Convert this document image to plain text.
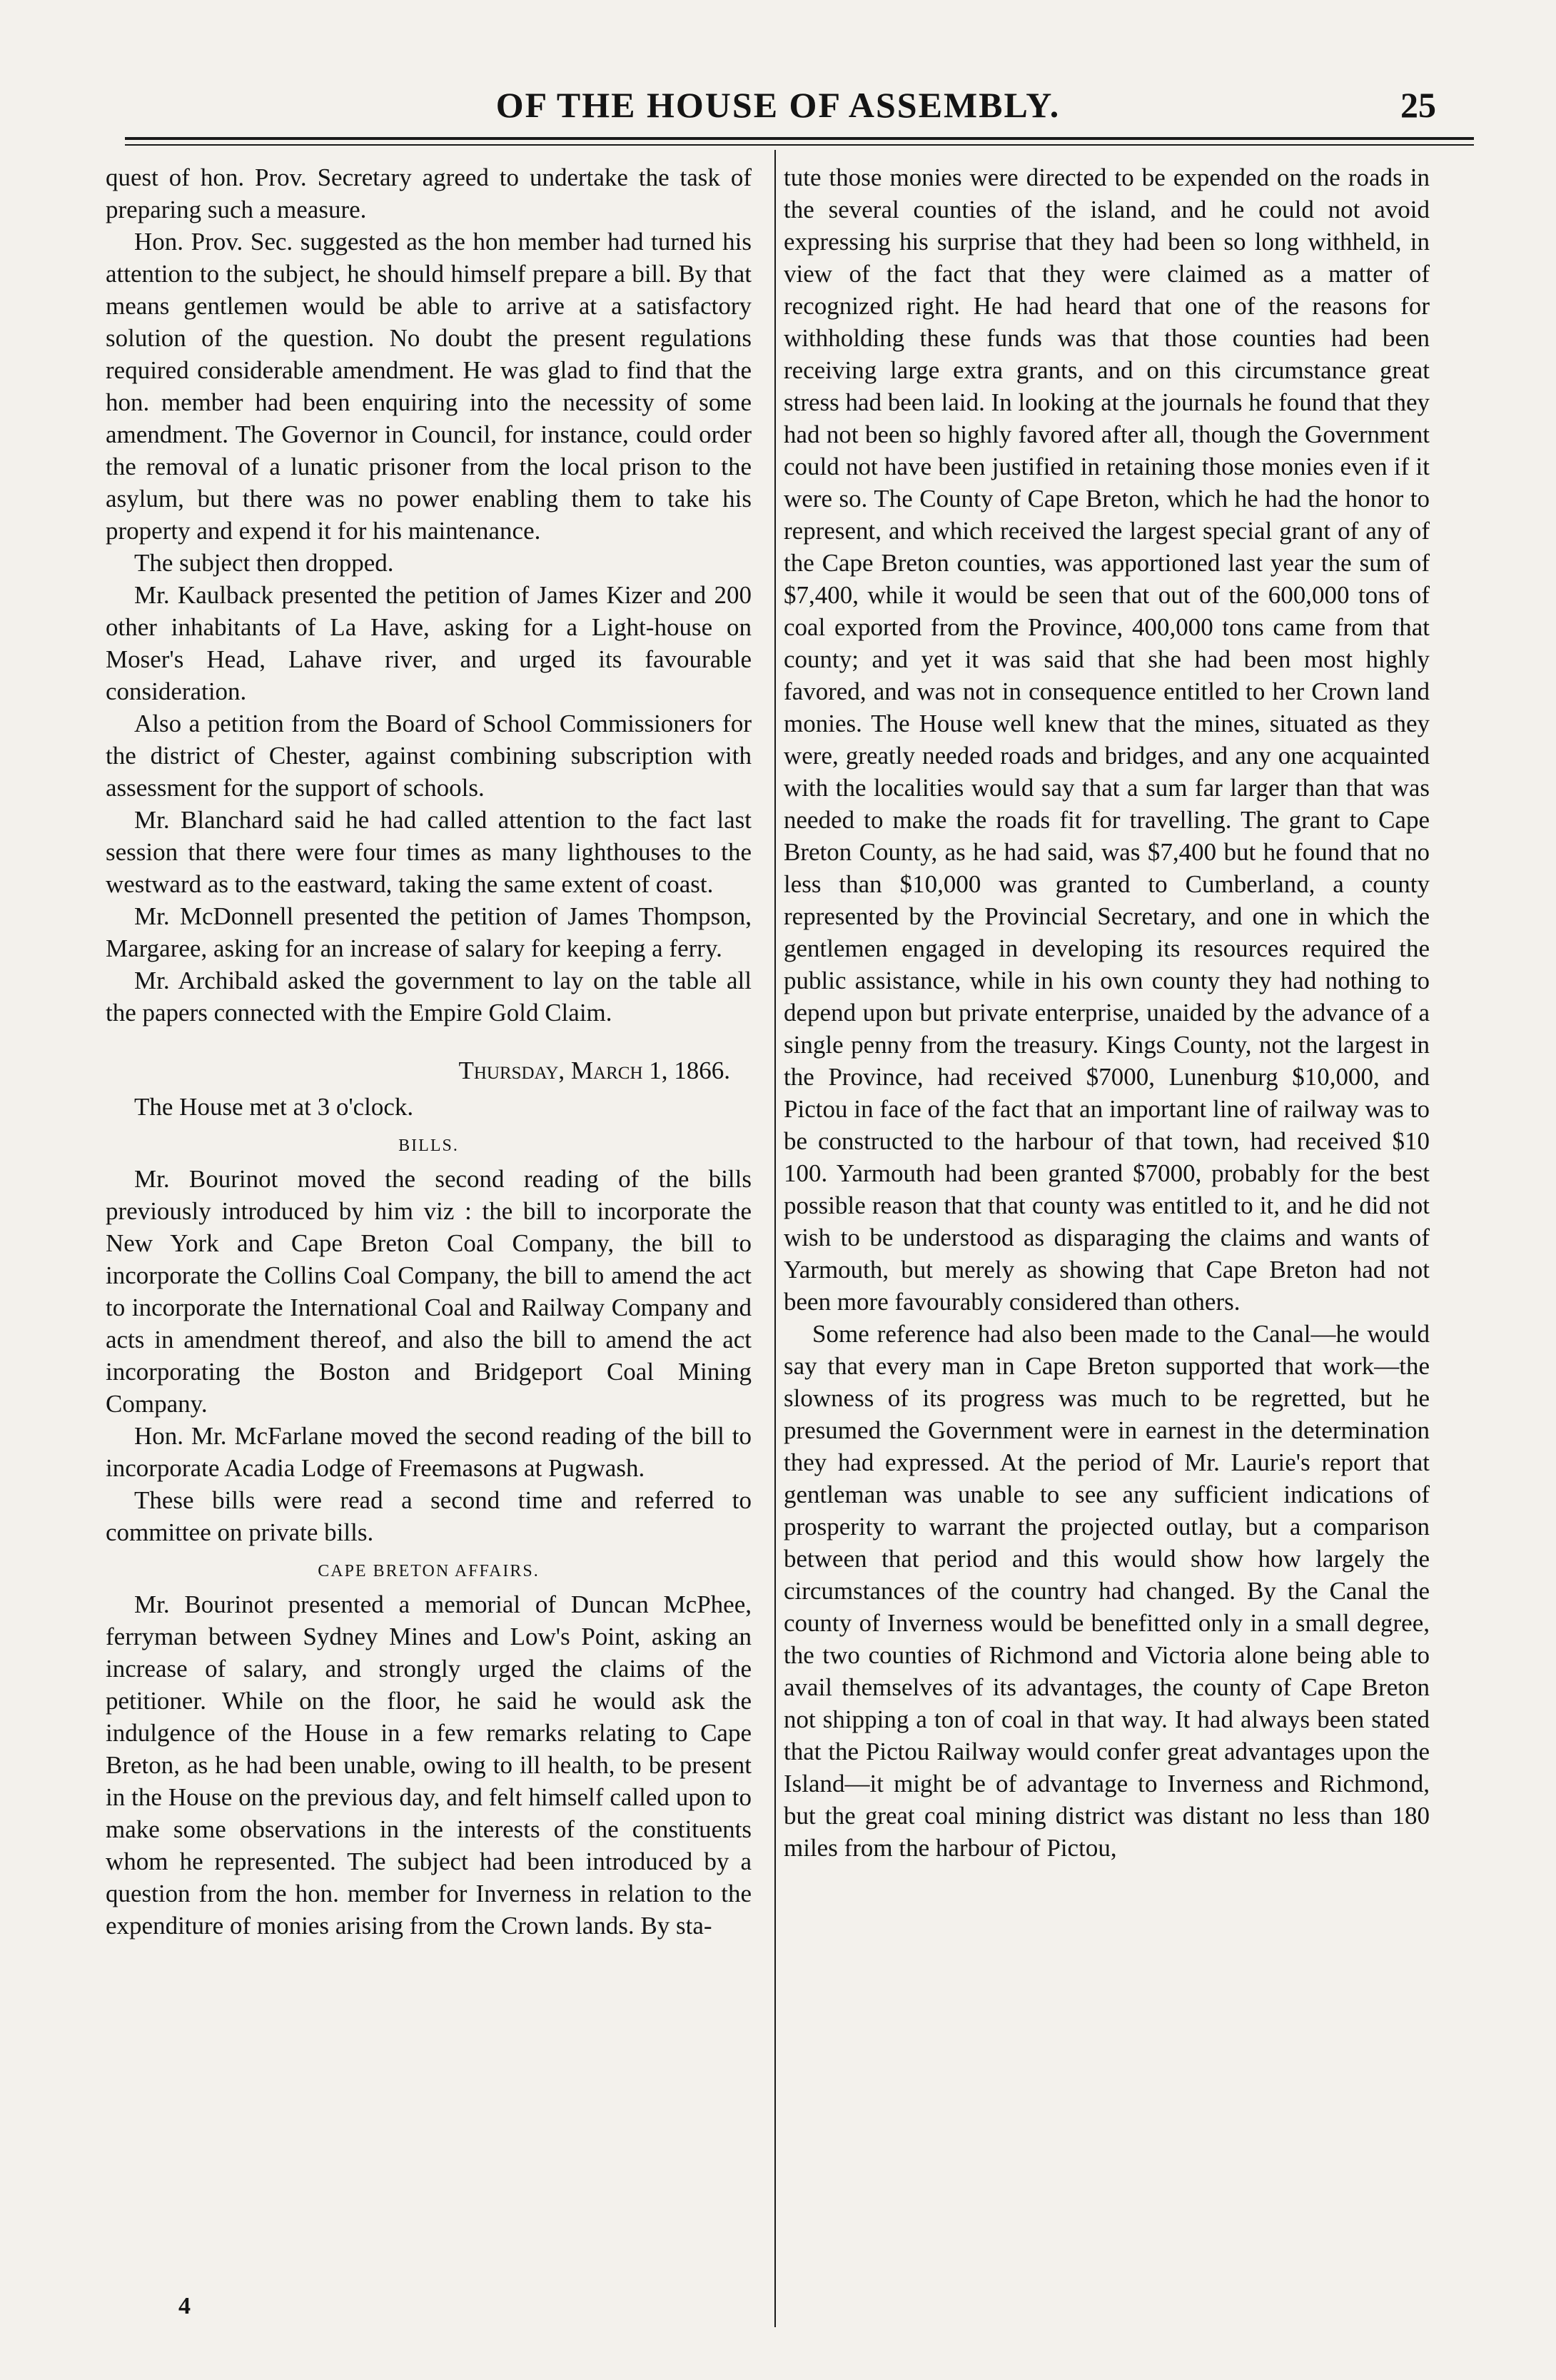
OF THE HOUSE OF ASSEMBLY.	25

quest of hon. Prov. Secretary agreed to undertake the task of preparing such a measure.

Hon. Prov. Sec. suggested as the hon member had turned his attention to the subject, he should himself prepare a bill. By that means gentlemen would be able to arrive at a satisfactory solution of the question. No doubt the present regulations required considerable amendment. He was glad to find that the hon. member had been enquiring into the necessity of some amendment. The Governor in Council, for instance, could order the removal of a lunatic prisoner from the local prison to the asylum, but there was no power enabling them to take his property and expend it for his maintenance.

The subject then dropped.

Mr. Kaulback presented the petition of James Kizer and 200 other inhabitants of La Have, asking for a Light-house on Moser's Head, Lahave river, and urged its favourable consideration.

Also a petition from the Board of School Commissioners for the district of Chester, against combining subscription with assessment for the support of schools.

Mr. Blanchard said he had called attention to the fact last session that there were four times as many lighthouses to the westward as to the eastward, taking the same extent of coast.

Mr. McDonnell presented the petition of James Thompson, Margaree, asking for an increase of salary for keeping a ferry.

Mr. Archibald asked the government to lay on the table all the papers connected with the Empire Gold Claim.

Thursday, March 1, 1866.

The House met at 3 o'clock.

BILLS.

Mr. Bourinot moved the second reading of the bills previously introduced by him viz : the bill to incorporate the New York and Cape Breton Coal Company, the bill to incorporate the Collins Coal Company, the bill to amend the act to incorporate the International Coal and Railway Company and acts in amendment thereof, and also the bill to amend the act incorporating the Boston and Bridgeport Coal Mining Company.

Hon. Mr. McFarlane moved the second reading of the bill to incorporate Acadia Lodge of Freemasons at Pugwash.

These bills were read a second time and referred to committee on private bills.

CAPE BRETON AFFAIRS.

Mr. Bourinot presented a memorial of Duncan McPhee, ferryman between Sydney Mines and Low's Point, asking an increase of salary, and strongly urged the claims of the petitioner. While on the floor, he said he would ask the indulgence of the House in a few remarks relating to Cape Breton, as he had been unable, owing to ill health, to be present in the House on the previous day, and felt himself called upon to make some observations in the interests of the constituents whom he represented. The subject had been introduced by a question from the hon. member for Inverness in relation to the expenditure of monies arising from the Crown lands. By sta-

tute those monies were directed to be expended on the roads in the several counties of the island, and he could not avoid expressing his surprise that they had been so long withheld, in view of the fact that they were claimed as a matter of recognized right. He had heard that one of the reasons for withholding these funds was that those counties had been receiving large extra grants, and on this circumstance great stress had been laid. In looking at the journals he found that they had not been so highly favored after all, though the Government could not have been justified in retaining those monies even if it were so. The County of Cape Breton, which he had the honor to represent, and which received the largest special grant of any of the Cape Breton counties, was apportioned last year the sum of $7,400, while it would be seen that out of the 600,000 tons of coal exported from the Province, 400,000 tons came from that county; and yet it was said that she had been most highly favored, and was not in consequence entitled to her Crown land monies. The House well knew that the mines, situated as they were, greatly needed roads and bridges, and any one acquainted with the localities would say that a sum far larger than that was needed to make the roads fit for travelling. The grant to Cape Breton County, as he had said, was $7,400 but he found that no less than $10,000 was granted to Cumberland, a county represented by the Provincial Secretary, and one in which the gentlemen engaged in developing its resources required the public assistance, while in his own county they had nothing to depend upon but private enterprise, unaided by the advance of a single penny from the treasury. Kings County, not the largest in the Province, had received $7000, Lunenburg $10,000, and Pictou in face of the fact that an important line of railway was to be constructed to the harbour of that town, had received $10 100. Yarmouth had been granted $7000, probably for the best possible reason that that county was entitled to it, and he did not wish to be understood as disparaging the claims and wants of Yarmouth, but merely as showing that Cape Breton had not been more favourably considered than others.

Some reference had also been made to the Canal—he would say that every man in Cape Breton supported that work—the slowness of its progress was much to be regretted, but he presumed the Government were in earnest in the determination they had expressed. At the period of Mr. Laurie's report that gentleman was unable to see any sufficient indications of prosperity to warrant the projected outlay, but a comparison between that period and this would show how largely the circumstances of the country had changed. By the Canal the county of Inverness would be benefitted only in a small degree, the two counties of Richmond and Victoria alone being able to avail themselves of its advantages, the county of Cape Breton not shipping a ton of coal in that way. It had always been stated that the Pictou Railway would confer great advantages upon the Island—it might be of advantage to Inverness and Richmond, but the great coal mining district was distant no less than 180 miles from the harbour of Pictou,

4
